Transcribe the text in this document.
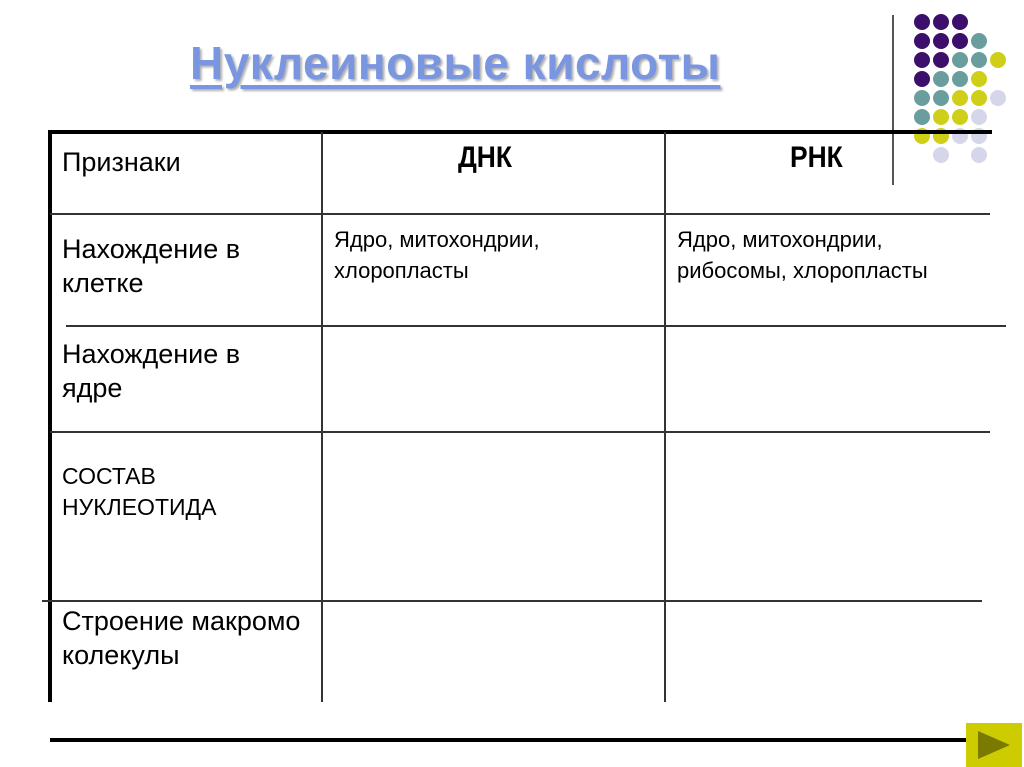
Нуклеиновые кислоты
Признаки	ДНК	РНК
Нахождение в клетке
Ядро, митохондрии, хлоропласты
Ядро, митохондрии, рибосомы, хлоропласты
Нахождение в ядре
СОСТАВ НУКЛЕОТИДА
Строение макромоколекулы
